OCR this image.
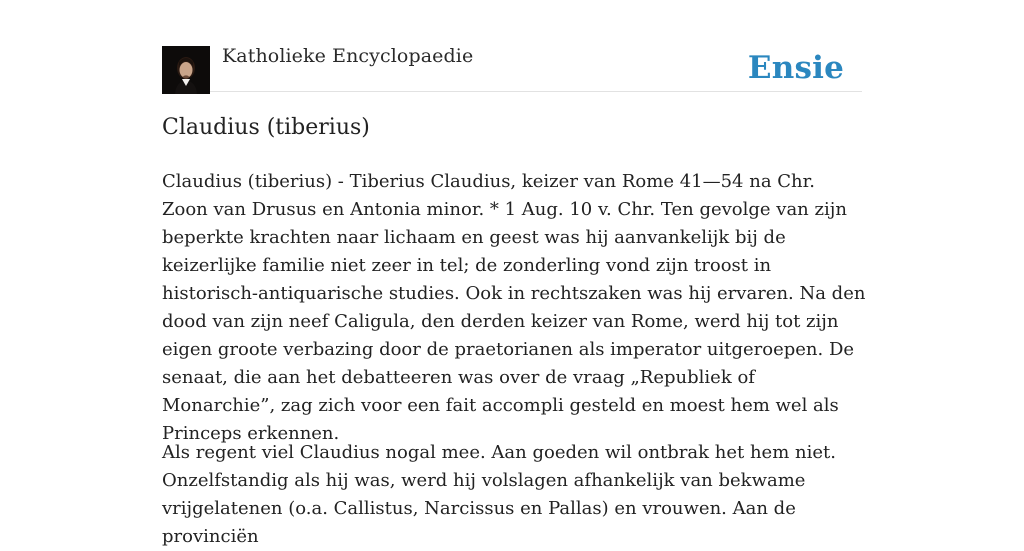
Katholieke Encyclopaedie	Ensie
Claudius (tiberius)

Claudius (tiberius) - Tiberius Claudius, keizer van Rome 41—54 na Chr. Zoon van Drusus en Antonia minor. * 1 Aug. 10 v. Chr. Ten gevolge van zijn beperkte krachten naar lichaam en geest was hij aanvankelijk bij de keizerlijke familie niet zeer in tel; de zonderling vond zijn troost in historisch-antiquarische studies. Ook in rechtszaken was hij ervaren. Na den dood van zijn neef Caligula, den derden keizer van Rome, werd hij tot zijn eigen groote verbazing door de praetorianen als imperator uitgeroepen. De senaat, die aan het debatteeren was over de vraag „Republiek of Monarchie”, zag zich voor een fait accompli gesteld en moest hem wel als Princeps erkennen.

Als regent viel Claudius nogal mee. Aan goeden wil ontbrak het hem niet. Onzelfstandig als hij was, werd hij volslagen afhankelijk van bekwame vrijgelatenen (o.a. Callistus, Narcissus en Pallas) en vrouwen. Aan de provinciën
